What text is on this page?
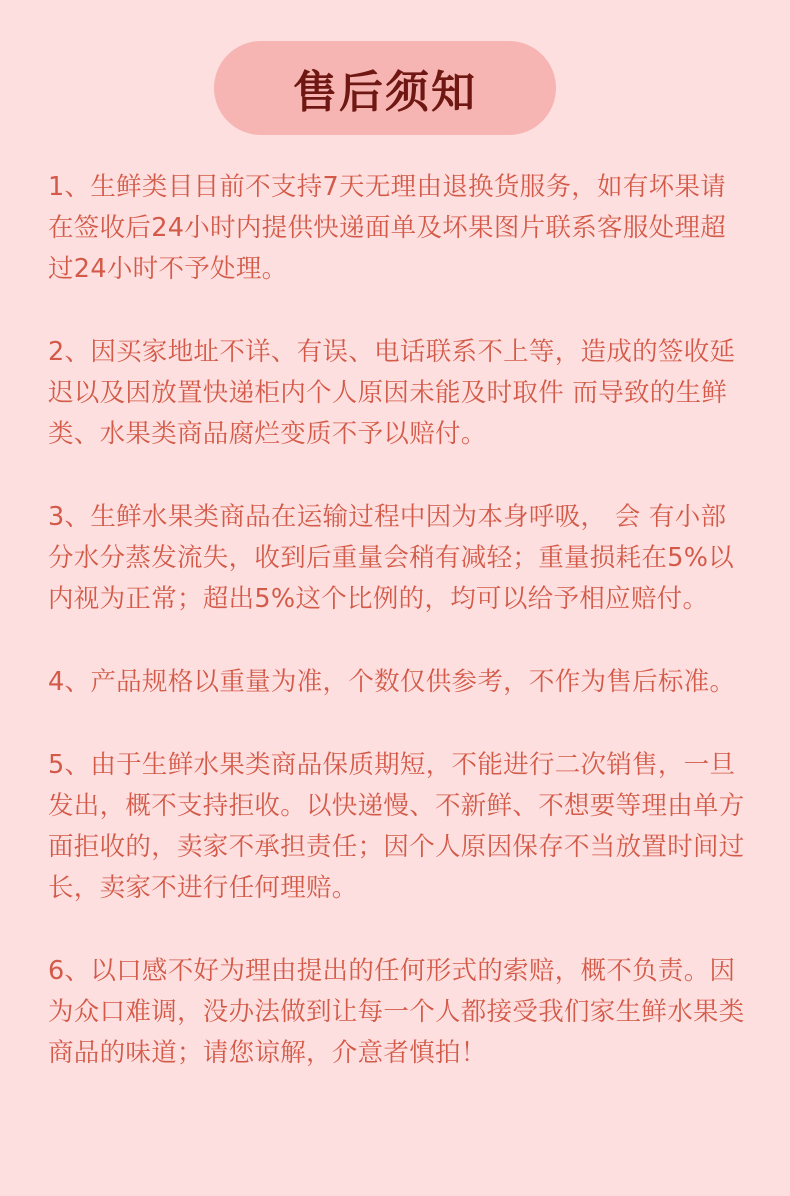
售后须知

1、生鲜类目目前不支持7天无理由退换货服务，如有坏果请在签收后24小时内提供快递面单及坏果图片联系客服处理超过24小时不予处理。

2、因买家地址不详、有误、电话联系不上等，造成的签收延迟以及因放置快递柜内个人原因未能及时取件 而导致的生鲜类、水果类商品腐烂变质不予以赔付。

3、生鲜水果类商品在运输过程中因为本身呼吸， 会 有小部分水分蒸发流失，收到后重量会稍有减轻；重量损耗在5%以内视为正常；超出5%这个比例的，均可以给予相应赔付。

4、产品规格以重量为准，个数仅供参考，不作为售后标准。

5、由于生鲜水果类商品保质期短，不能进行二次销售，一旦发出，概不支持拒收。以快递慢、不新鲜、不想要等理由单方面拒收的，卖家不承担责任；因个人原因保存不当放置时间过长，卖家不进行任何理赔。

6、以口感不好为理由提出的任何形式的索赔，概不负责。因为众口难调，没办法做到让每一个人都接受我们家生鲜水果类商品的味道；请您谅解，介意者慎拍！
